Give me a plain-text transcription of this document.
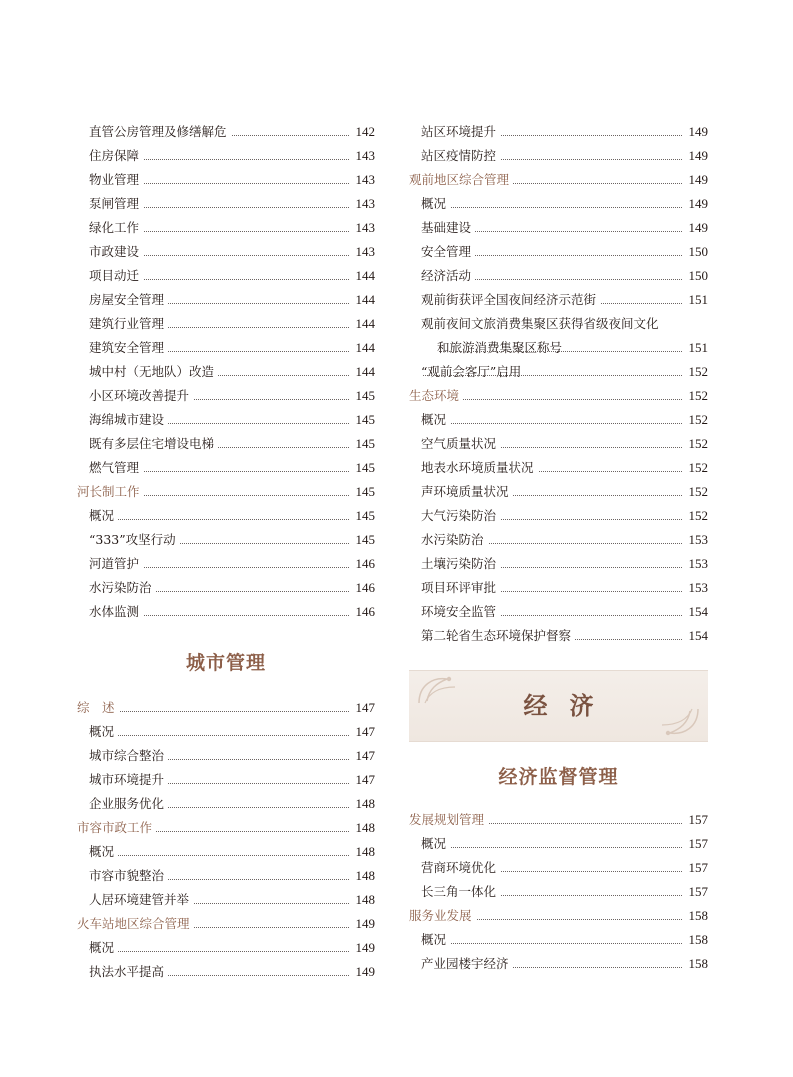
直管公房管理及修缮解危	142
住房保障	143
物业管理	143
泵闸管理	143
绿化工作	143
市政建设	143
项目动迁	144
房屋安全管理	144
建筑行业管理	144
建筑安全管理	144
城中村（无地队）改造	144
小区环境改善提升	145
海绵城市建设	145
既有多层住宅增设电梯	145
燃气管理	145
河长制工作	145
概况	145
“333”攻坚行动	145
河道管护	146
水污染防治	146
水体监测	146
城市管理
综　述	147
概况	147
城市综合整治	147
城市环境提升	147
企业服务优化	148
市容市政工作	148
概况	148
市容市貌整治	148
人居环境建管并举	148
火车站地区综合管理	149
概况	149
执法水平提高	149
站区环境提升	149
站区疫情防控	149
观前地区综合管理	149
概况	149
基础建设	149
安全管理	150
经济活动	150
观前街获评全国夜间经济示范街	151
观前夜间文旅消费集聚区获得省级夜间文化
和旅游消费集聚区称号	151
“观前会客厅”启用	152
生态环境	152
概况	152
空气质量状况	152
地表水环境质量状况	152
声环境质量状况	152
大气污染防治	152
水污染防治	153
土壤污染防治	153
项目环评审批	153
环境安全监管	154
第二轮省生态环境保护督察	154
经济
经济监督管理
发展规划管理	157
概况	157
营商环境优化	157
长三角一体化	157
服务业发展	158
概况	158
产业园楼宇经济	158
